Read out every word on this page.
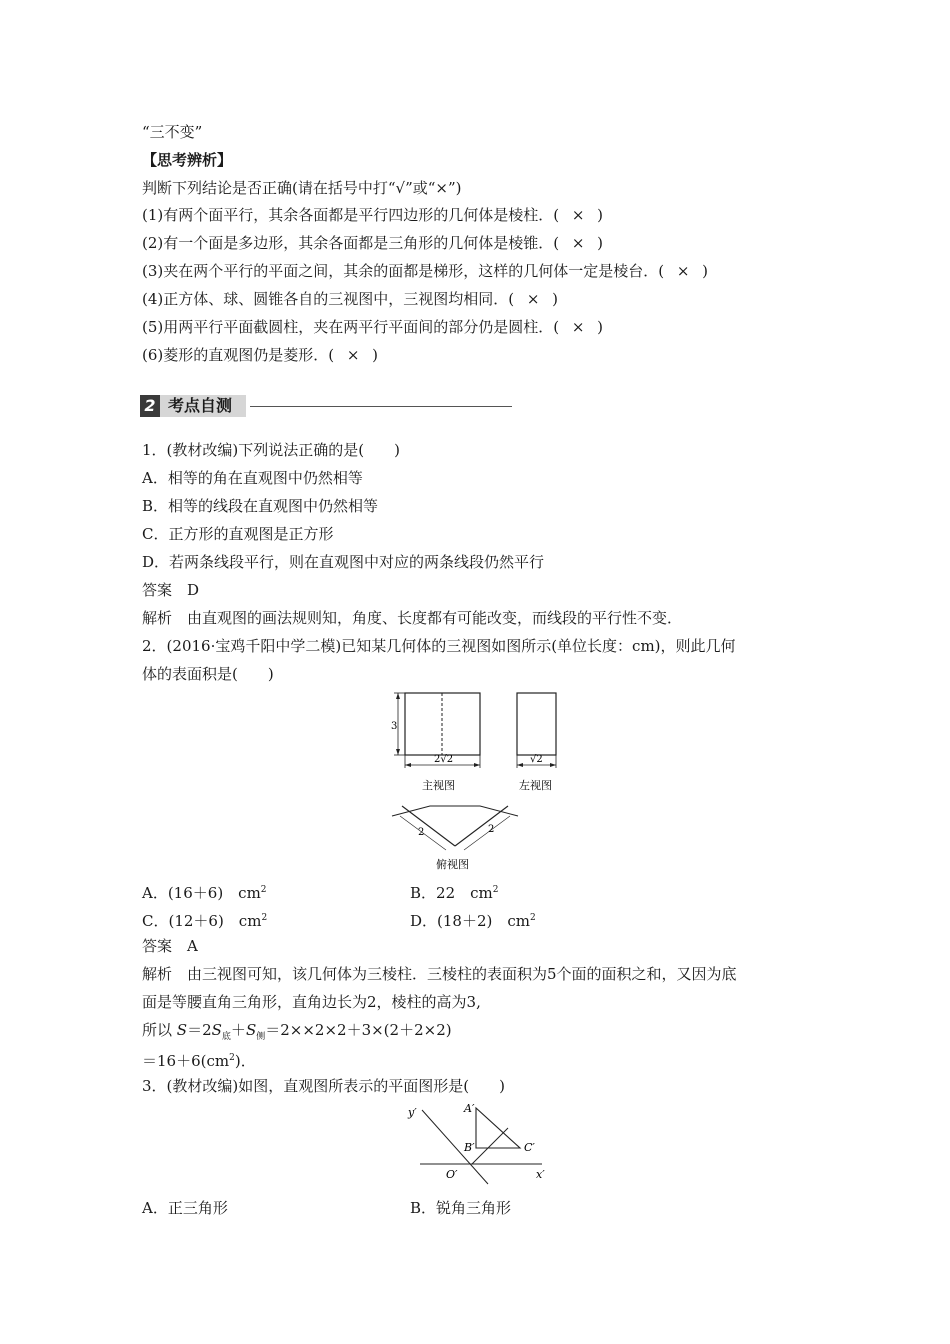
“三不变”
【思考辨析】
判断下列结论是否正确(请在括号中打“√”或“×”)
(1)有两个面平行，其余各面都是平行四边形的几何体是棱柱．( × )
(2)有一个面是多边形，其余各面都是三角形的几何体是棱锥．( × )
(3)夹在两个平行的平面之间，其余的面都是梯形，这样的几何体一定是棱台．( × )
(4)正方体、球、圆锥各自的三视图中，三视图均相同．( × )
(5)用两平行平面截圆柱，夹在两平行平面间的部分仍是圆柱．( × )
(6)菱形的直观图仍是菱形．( × )
2 考点自测
1．(教材改编)下列说法正确的是(　　)
A．相等的角在直观图中仍然相等
B．相等的线段在直观图中仍然相等
C．正方形的直观图是正方形
D．若两条线段平行，则在直观图中对应的两条线段仍然平行
答案　D
解析　由直观图的画法规则知，角度、长度都有可能改变，而线段的平行性不变．
2．(2016·宝鸡千阳中学二模)已知某几何体的三视图如图所示(单位长度：cm)，则此几何
体的表面积是(　　)
3
2√2
主视图
√2
左视图
2	2
俯视图
A．(16＋6)　$cm^2$	B．22　$cm^2$
C．(12＋6)　$cm^2$	D．(18＋2)　$cm^2$
答案　A
解析　由三视图可知，该几何体为三棱柱．三棱柱的表面积为5个面的面积之和，又因为底
面是等腰直角三角形，直角边长为2，棱柱的高为3,
所以 $S=2S_底+S_侧=2\times\times 2\times 2+3\times(2+2\times 2)$
$=16+6(cm^2)$．
3．(教材改编)如图，直观图所表示的平面图形是(　　)
A′
B′	C′
O′	x′
y′
A．正三角形	B．锐角三角形
